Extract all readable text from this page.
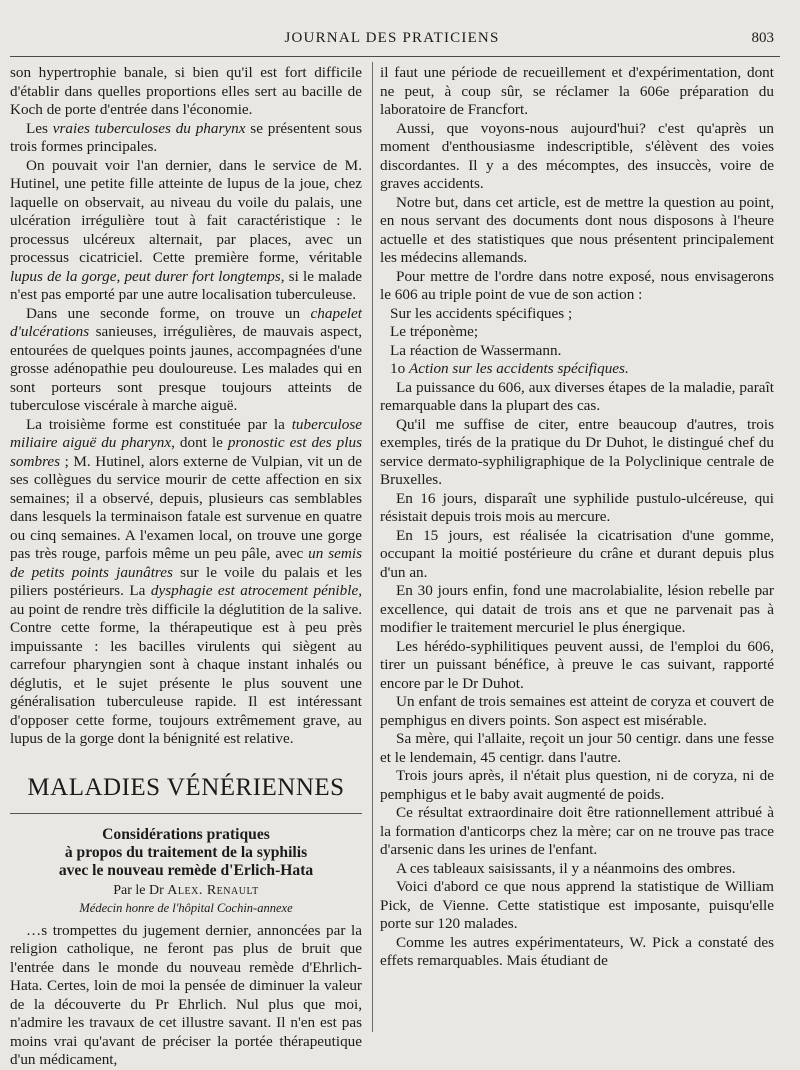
JOURNAL DES PRATICIENS	803

son hypertrophie banale, si bien qu'il est fort difficile d'établir dans quelles proportions elles sert au bacille de Koch de porte d'entrée dans l'économie.

Les vraies tuberculoses du pharynx se présentent sous trois formes principales.

On pouvait voir l'an dernier, dans le service de M. Hutinel, une petite fille atteinte de lupus de la joue, chez laquelle on observait, au niveau du voile du palais, une ulcération irrégulière tout à fait caractéristique : le processus ulcéreux alternait, par places, avec un processus cicatriciel. Cette première forme, véritable lupus de la gorge, peut durer fort longtemps, si le malade n'est pas emporté par une autre localisation tuberculeuse.

Dans une seconde forme, on trouve un chapelet d'ulcérations sanieuses, irrégulières, de mauvais aspect, entourées de quelques points jaunes, accompagnées d'une grosse adénopathie peu douloureuse. Les malades qui en sont porteurs sont presque toujours atteints de tuberculose viscérale à marche aiguë.

La troisième forme est constituée par la tuberculose miliaire aiguë du pharynx, dont le pronostic est des plus sombres ; M. Hutinel, alors externe de Vulpian, vit un de ses collègues du service mourir de cette affection en six semaines; il a observé, depuis, plusieurs cas semblables dans lesquels la terminaison fatale est survenue en quatre ou cinq semaines. A l'examen local, on trouve une gorge pas très rouge, parfois même un peu pâle, avec un semis de petits points jaunâtres sur le voile du palais et les piliers postérieurs. La dysphagie est atrocement pénible, au point de rendre très difficile la déglutition de la salive. Contre cette forme, la thérapeutique est à peu près impuissante : les bacilles virulents qui siègent au carrefour pharyngien sont à chaque instant inhalés ou déglutis, et le sujet présente le plus souvent une généralisation tuberculeuse rapide. Il est intéressant d'opposer cette forme, toujours extrêmement grave, au lupus de la gorge dont la bénignité est relative.

MALADIES VÉNÉRIENNES
Considérations pratiques
à propos du traitement de la syphilis
avec le nouveau remède d'Erlich-Hata
Par le Dr Alex. Renault
Médecin honre de l'hôpital Cochin-annexe

…s trompettes du jugement dernier, annoncées par la religion catholique, ne feront pas plus de bruit que l'entrée dans le monde du nouveau remède d'Ehrlich-Hata. Certes, loin de moi la pensée de diminuer la valeur de la découverte du Pr Ehrlich. Nul plus que moi, n'admire les travaux de cet illustre savant. Il n'en est pas moins vrai qu'avant de préciser la portée thérapeutique d'un médicament,

il faut une période de recueillement et d'expérimentation, dont ne peut, à coup sûr, se réclamer la 606e préparation du laboratoire de Francfort.

Aussi, que voyons-nous aujourd'hui? c'est qu'après un moment d'enthousiasme indescriptible, s'élèvent des voies discordantes. Il y a des mécomptes, des insuccès, voire de graves accidents.

Notre but, dans cet article, est de mettre la question au point, en nous servant des documents dont nous disposons à l'heure actuelle et des statistiques que nous présentent principalement les médecins allemands.

Pour mettre de l'ordre dans notre exposé, nous envisagerons le 606 au triple point de vue de son action :

Sur les accidents spécifiques ;

Le tréponème;

La réaction de Wassermann.

1o Action sur les accidents spécifiques.

La puissance du 606, aux diverses étapes de la maladie, paraît remarquable dans la plupart des cas.

Qu'il me suffise de citer, entre beaucoup d'autres, trois exemples, tirés de la pratique du Dr Duhot, le distingué chef du service dermato-syphiligraphique de la Polyclinique centrale de Bruxelles.

En 16 jours, disparaît une syphilide pustulo-ulcéreuse, qui résistait depuis trois mois au mercure.

En 15 jours, est réalisée la cicatrisation d'une gomme, occupant la moitié postérieure du crâne et durant depuis plus d'un an.

En 30 jours enfin, fond une macrolabialite, lésion rebelle par excellence, qui datait de trois ans et que ne parvenait pas à modifier le traitement mercuriel le plus énergique.

Les hérédo-syphilitiques peuvent aussi, de l'emploi du 606, tirer un puissant bénéfice, à preuve le cas suivant, rapporté encore par le Dr Duhot.

Un enfant de trois semaines est atteint de coryza et couvert de pemphigus en divers points. Son aspect est misérable.

Sa mère, qui l'allaite, reçoit un jour 50 centigr. dans une fesse et le lendemain, 45 centigr. dans l'autre.

Trois jours après, il n'était plus question, ni de coryza, ni de pemphigus et le baby avait augmenté de poids.

Ce résultat extraordinaire doit être rationnellement attribué à la formation d'anticorps chez la mère; car on ne trouve pas trace d'arsenic dans les urines de l'enfant.

A ces tableaux saisissants, il y a néanmoins des ombres.

Voici d'abord ce que nous apprend la statistique de William Pick, de Vienne. Cette statistique est imposante, puisqu'elle porte sur 120 malades.

Comme les autres expérimentateurs, W. Pick a constaté des effets remarquables. Mais étudiant de
